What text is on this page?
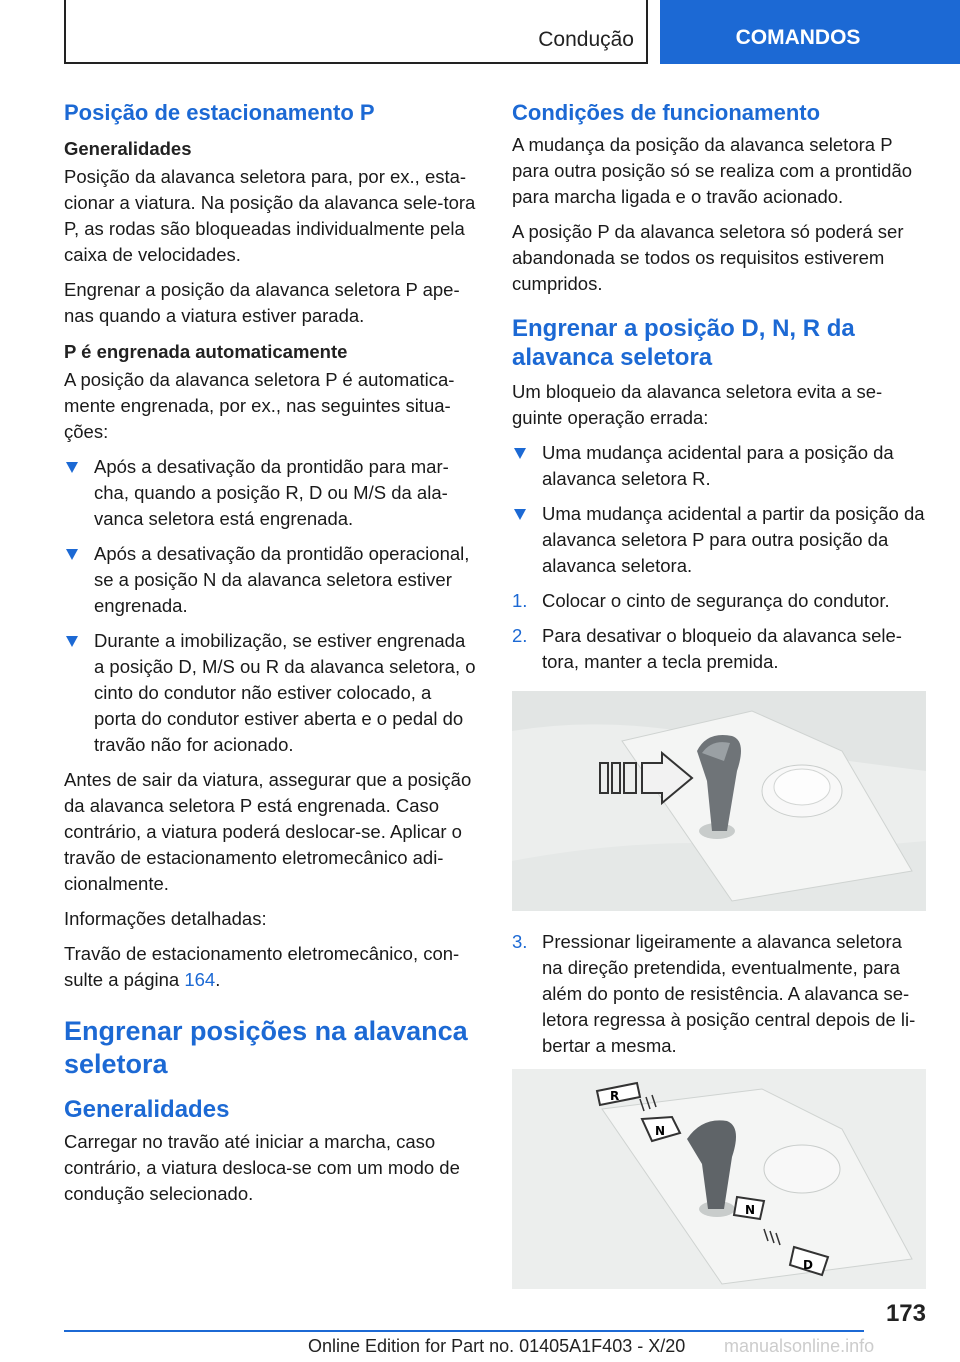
Condução	COMANDOS
Posição de estacionamento P
Generalidades

Posição da alavanca seletora para, por ex., esta-cionar a viatura. Na posição da alavanca sele-tora P, as rodas são bloqueadas individualmente pela caixa de velocidades.

Engrenar a posição da alavanca seletora P ape-nas quando a viatura estiver parada.

P é engrenada automaticamente

A posição da alavanca seletora P é automatica-mente engrenada, por ex., nas seguintes situa-ções:

Após a desativação da prontidão para mar-cha, quando a posição R, D ou M/S da ala-vanca seletora está engrenada.
Após a desativação da prontidão operacional, se a posição N da alavanca seletora estiver engrenada.
Durante a imobilização, se estiver engrenada a posição D, M/S ou R da alavanca seletora, o cinto do condutor não estiver colocado, a porta do condutor estiver aberta e o pedal do travão não for acionado.

Antes de sair da viatura, assegurar que a posição da alavanca seletora P está engrenada. Caso contrário, a viatura poderá deslocar-se. Aplicar o travão de estacionamento eletromecânico adi-cionalmente.

Informações detalhadas:

Travão de estacionamento eletromecânico, con-sulte a página 164.

Engrenar posições na alavanca seletora
Generalidades

Carregar no travão até iniciar a marcha, caso contrário, a viatura desloca-se com um modo de condução selecionado.

Condições de funcionamento

A mudança da posição da alavanca seletora P para outra posição só se realiza com a prontidão para marcha ligada e o travão acionado.

A posição P da alavanca seletora só poderá ser abandonada se todos os requisitos estiverem cumpridos.

Engrenar a posição D, N, R da alavanca seletora

Um bloqueio da alavanca seletora evita a se-guinte operação errada:

Uma mudança acidental para a posição da alavanca seletora R.
Uma mudança acidental a partir da posição da alavanca seletora P para outra posição da alavanca seletora.
1. Colocar o cinto de segurança do condutor.
2. Para desativar o bloqueio da alavanca sele-tora, manter a tecla premida.
3. Pressionar ligeiramente a alavanca seletora na direção pretendida, eventualmente, para além do ponto de resistência. A alavanca se-letora regressa à posição central depois de li-bertar a mesma.
R
N
N
D
173
Online Edition for Part no. 01405A1F403 - X/20 manualsonline.info
